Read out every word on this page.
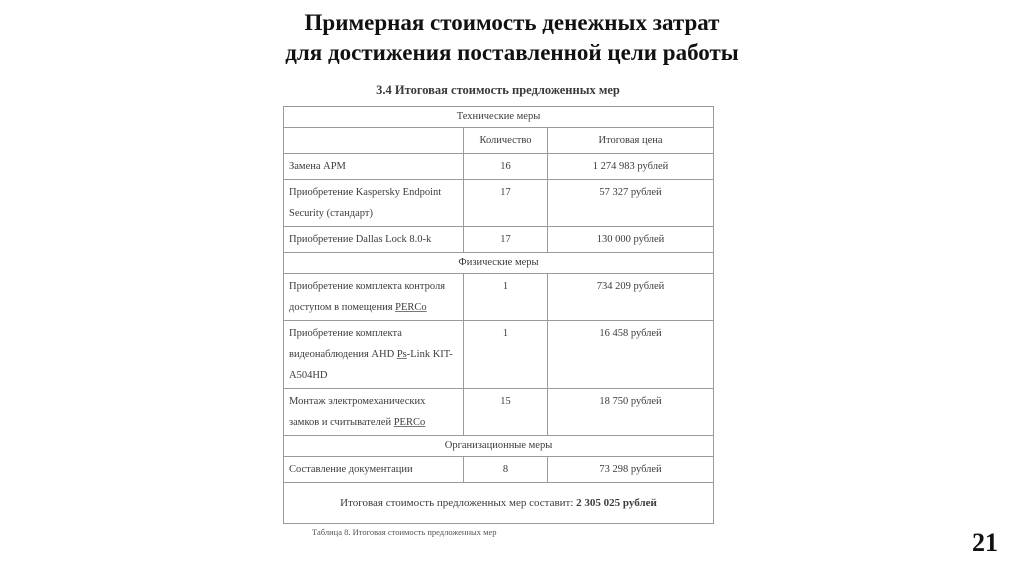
Примерная стоимость денежных затрат
для достижения поставленной цели работы
3.4 Итоговая стоимость предложенных мер
Технические меры		
	Количество	Итоговая цена
Замена АРМ	16	1 274 983 рублей
Приобретение Kaspersky Endpoint Security (стандарт)	17	57 327 рублей
Приобретение Dallas Lock 8.0-k	17	130 000 рублей
Физические меры		
Приобретение комплекта контроля доступом в помещения PERCo	1	734 209 рублей
Приобретение комплекта видеонаблюдения AHD Ps-Link KIT-A504HD	1	16 458 рублей
Монтаж электромеханических замков и считывателей PERCo	15	18 750 рублей
Организационные меры		
Составление документации	8	73 298 рублей
Итоговая стоимость предложенных мер составит: 2 305 025 рублей		
Таблица 8. Итоговая стоимость предложенных мер	21
